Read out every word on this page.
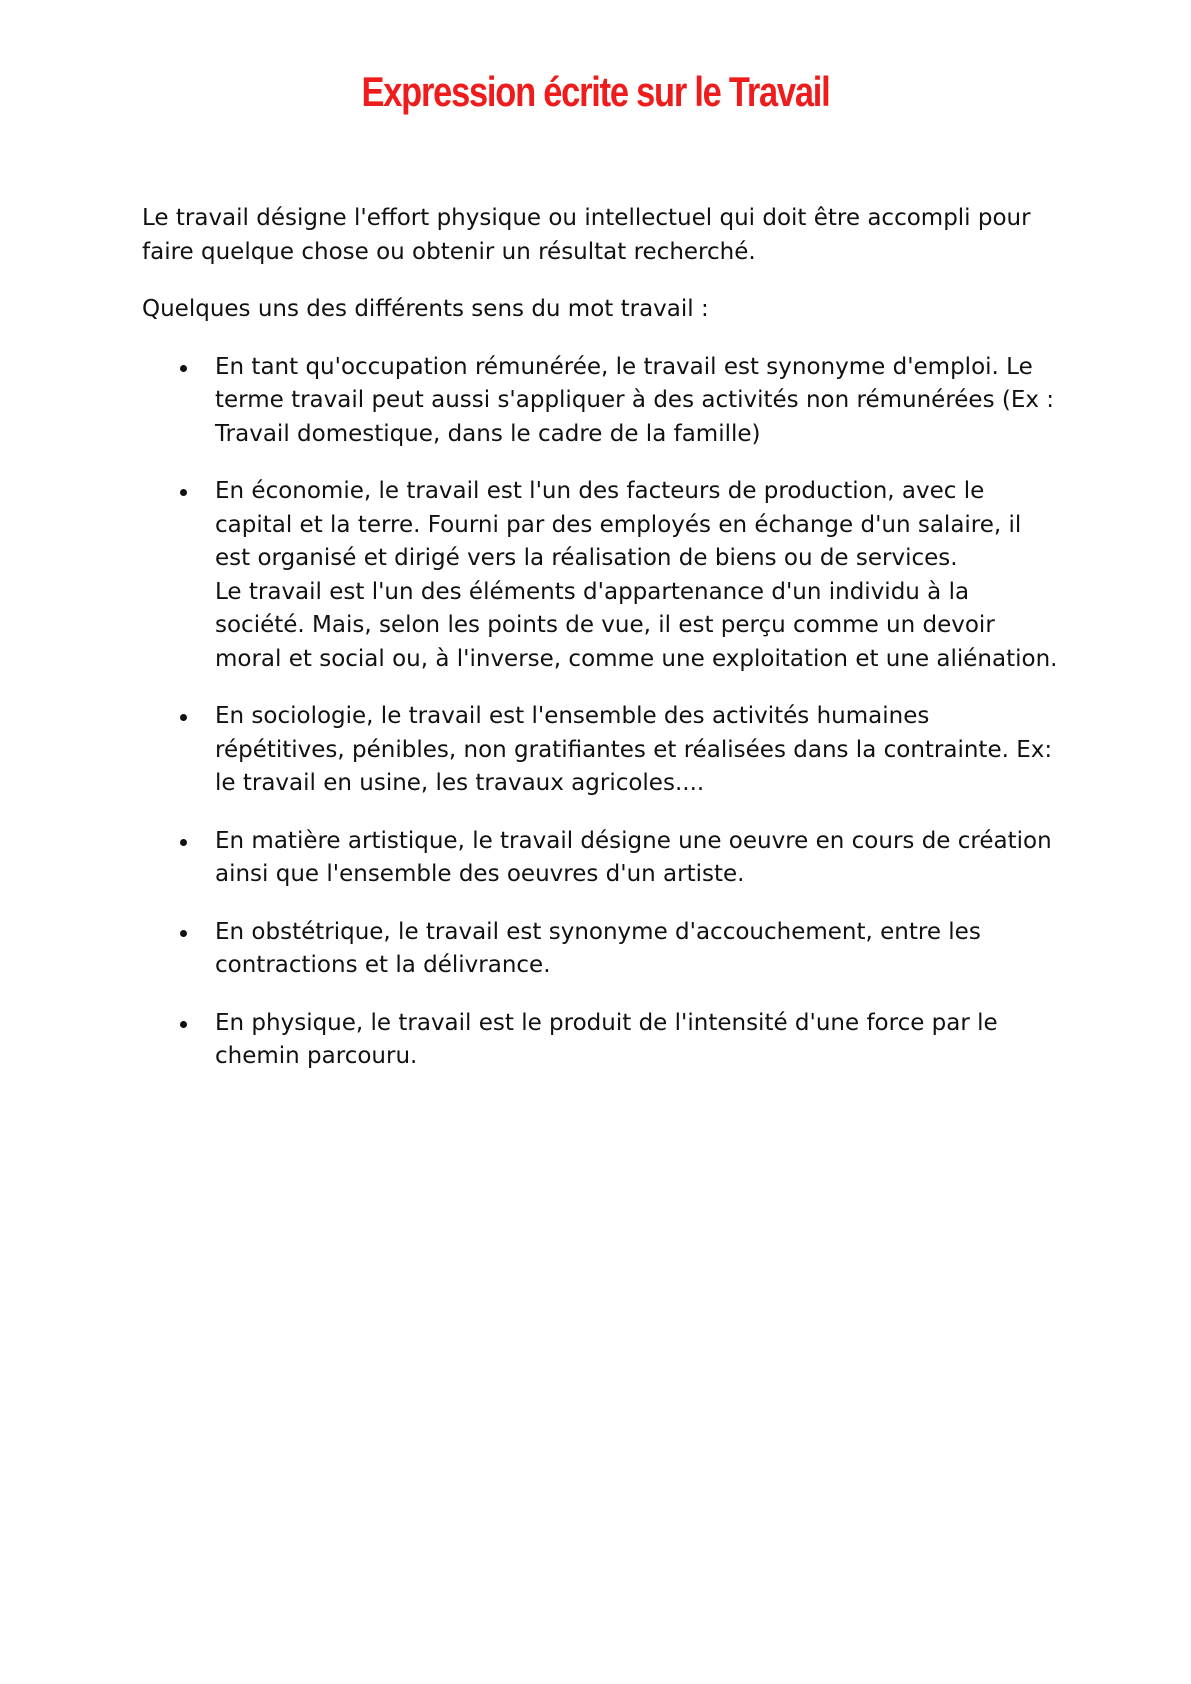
Expression écrite sur le Travail

Le travail désigne l'effort physique ou intellectuel qui doit être accompli pour faire quelque chose ou obtenir un résultat recherché.

Quelques uns des différents sens du mot travail :

En tant qu'occupation rémunérée, le travail est synonyme d'emploi. Le terme travail peut aussi s'appliquer à des activités non rémunérées (Ex : Travail domestique, dans le cadre de la famille)
En économie, le travail est l'un des facteurs de production, avec le capital et la terre. Fourni par des employés en échange d'un salaire, il est organisé et dirigé vers la réalisation de biens ou de services.
Le travail est l'un des éléments d'appartenance d'un individu à la société. Mais, selon les points de vue, il est perçu comme un devoir moral et social ou, à l'inverse, comme une exploitation et une aliénation.
En sociologie, le travail est l'ensemble des activités humaines répétitives, pénibles, non gratifiantes et réalisées dans la contrainte. Ex: le travail en usine, les travaux agricoles....
En matière artistique, le travail désigne une oeuvre en cours de création ainsi que l'ensemble des oeuvres d'un artiste.
En obstétrique, le travail est synonyme d'accouchement, entre les contractions et la délivrance.
En physique, le travail est le produit de l'intensité d'une force par le chemin parcouru.
